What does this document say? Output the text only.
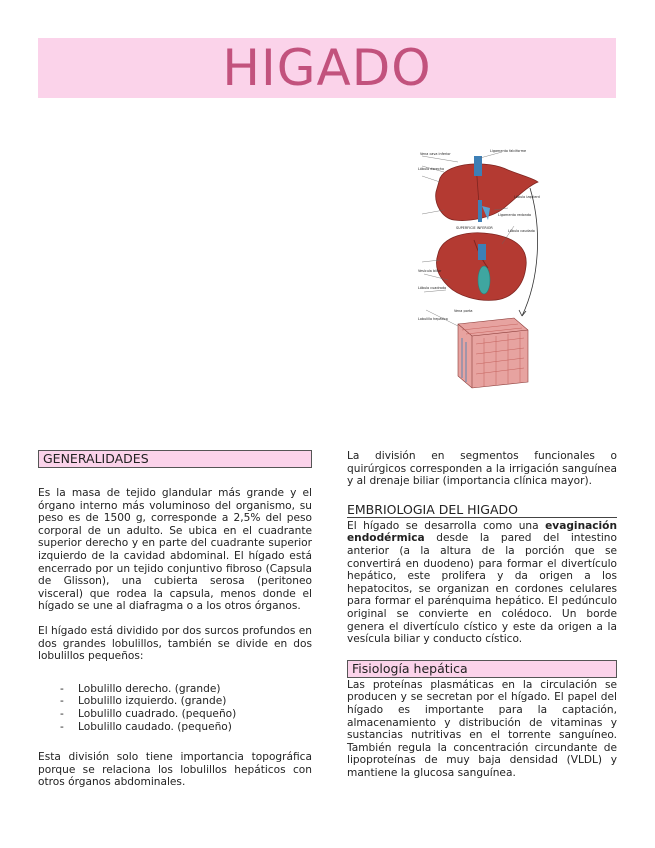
HIGADO
Vena cava inferior
Ligamento falciforme
Lóbulo derecho
Lóbulo izquierdo
Ligamento redondo
Vesícula biliar
SUPERFICIE INFERIOR
Lóbulo cuadrado
Lóbulo caudado
Vena porta
Lobulillo hepático
GENERALIDADES

Es la masa de tejido glandular más grande y el órgano interno más voluminoso del organismo, su peso es de 1500 g, corresponde a 2,5% del peso corporal de un adulto. Se ubica en el cuadrante superior derecho y en parte del cuadrante superior izquierdo de la cavidad abdominal. El hígado está encerrado por un tejido conjuntivo fibroso (Capsula de Glisson), una cubierta serosa (peritoneo visceral) que rodea la capsula, menos donde el hígado se une al diafragma o a los otros órganos.

El hígado está dividido por dos surcos profundos en dos grandes lobulillos, también se divide en dos lobulillos pequeños:

- Lobulillo derecho. (grande)
- Lobulillo izquierdo. (grande)
- Lobulillo cuadrado. (pequeño)
- Lobulillo caudado. (pequeño)

Esta división solo tiene importancia topográfica porque se relaciona los lobulillos hepáticos con otros órganos abdominales.

La división en segmentos funcionales o quirúrgicos corresponden a la irrigación sanguínea y al drenaje biliar (importancia clínica mayor).

EMBRIOLOGIA DEL HIGADO

El hígado se desarrolla como una evaginación endodérmica desde la pared del intestino anterior (a la altura de la porción que se convertirá en duodeno) para formar el divertículo hepático, este prolifera y da origen a los hepatocitos, se organizan en cordones celulares para formar el parénquima hepático. El pedúnculo original se convierte en colédoco. Un borde genera el divertículo cístico y este da origen a la vesícula biliar y conducto cístico.

Fisiología hepática

Las proteínas plasmáticas en la circulación se producen y se secretan por el hígado. El papel del hígado es importante para la captación, almacenamiento y distribución de vitaminas y sustancias nutritivas en el torrente sanguíneo. También regula la concentración circundante de lipoproteínas de muy baja densidad (VLDL) y mantiene la glucosa sanguínea.
